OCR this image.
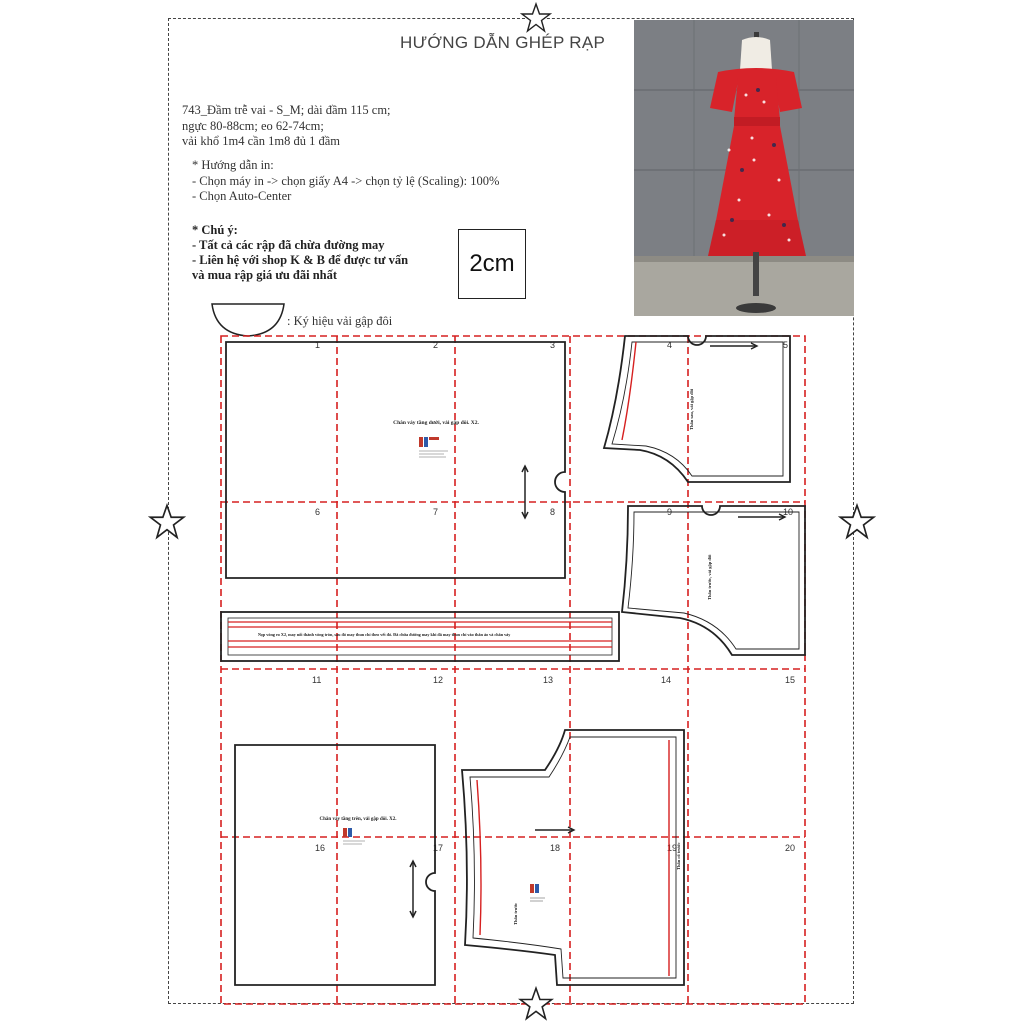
HƯỚNG DẪN GHÉP RẠP
743_Đầm trễ vai - S_M; dài đầm 115 cm;
ngực 80-88cm; eo 62-74cm;
vải khổ 1m4 cần 1m8 đủ 1 đầm
* Hướng dẫn in:
- Chọn máy in -> chọn giấy A4 -> chọn tỷ lệ (Scaling): 100%
- Chọn Auto-Center
* Chú ý:
- Tất cả các rập đã chừa đường may
- Liên hệ với shop K & B để được tư vấn
và mua rập giá ưu đãi nhất	2cm
: Ký hiệu vải gập đôi
1	2	3	4	5
6	7	8	9	10
11	12	13	14	15
16	17	18	19	20
Chân váy tầng dưới, vải gập đôi. X2.
Nẹp vòng eo X2, may nối thành vòng tròn, sau đó may thun chỉ theo vết đó. Đã chừa đường may khi đã may thun chỉ vào thân áo và chân váy
Thân sau, vải gập đôi
Thân trước, vải gập đôi
Chân váy tầng trên, vải gập đôi. X2.
Thân trước
Thân cổ trước
